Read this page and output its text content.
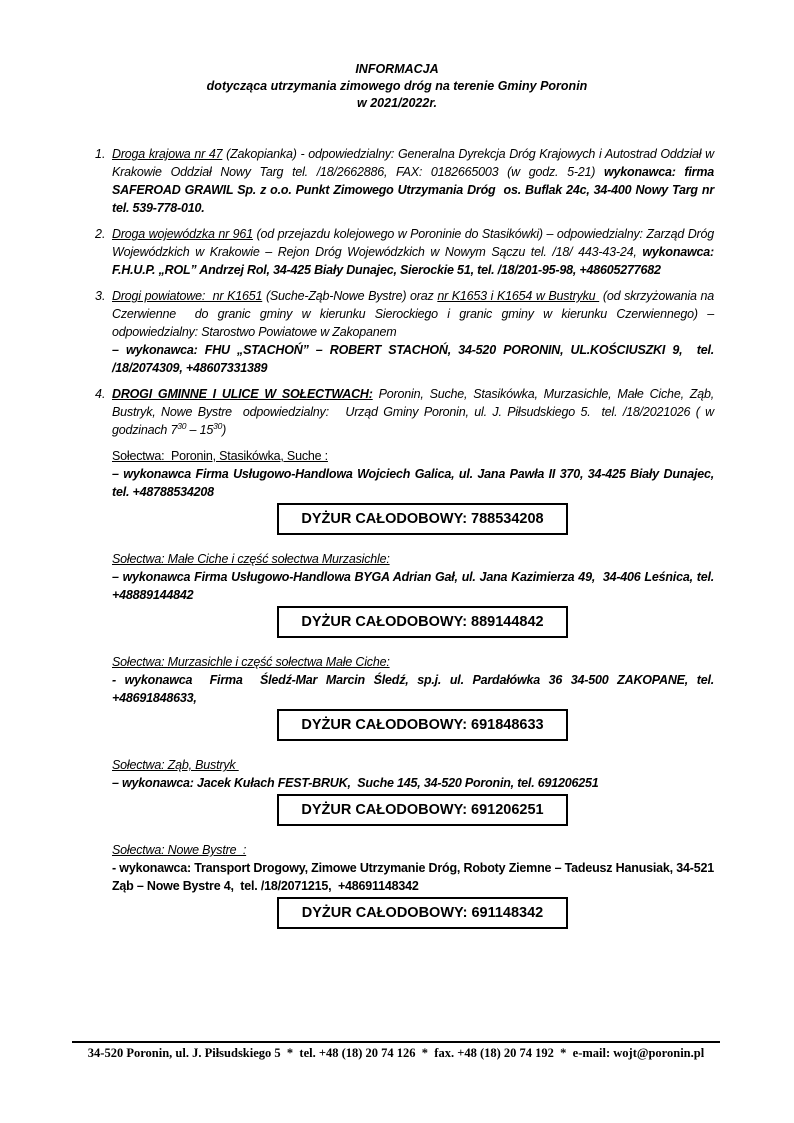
INFORMACJA
dotycząca utrzymania zimowego dróg na terenie Gminy Poronin
w 2021/2022r.
1. Droga krajowa nr 47 (Zakopianka) - odpowiedzialny: Generalna Dyrekcja Dróg Krajowych i Autostrad Oddział w Krakowie Oddział Nowy Targ tel. /18/2662886, FAX: 0182665003 (w godz. 5-21) wykonawca: firma SAFEROAD GRAWIL Sp. z o.o. Punkt Zimowego Utrzymania Dróg  os. Buflak 24c, 34-400 Nowy Targ nr tel. 539-778-010.

2. Droga wojewódzka nr 961 (od przejazdu kolejowego w Poroninie do Stasikówki) – odpowiedzialny: Zarząd Dróg Wojewódzkich w Krakowie – Rejon Dróg Wojewódzkich w Nowym Sączu tel. /18/ 443-43-24, wykonawca: F.H.U.P. „ROL” Andrzej Rol, 34-425 Biały Dunajec, Sierockie 51, tel. /18/201-95-98, +48605277682

3. Drogi powiatowe:  nr K1651 (Suche-Ząb-Nowe Bystre) oraz nr K1653 i K1654 w Bustryku  (od skrzyżowania na Czerwienne  do granic gminy w kierunku Sierockiego i granic gminy w kierunku Czerwiennego) – odpowiedzialny: Starostwo Powiatowe w Zakopanem

– wykonawca: FHU „STACHOŃ” – ROBERT STACHOŃ, 34-520 PORONIN, UL.KOŚCIUSZKI 9,  tel. /18/2074309, +48607331389

4. DROGI GMINNE I ULICE W SOŁECTWACH: Poronin, Suche, Stasikówka, Murzasichle, Małe Ciche, Ząb, Bustryk, Nowe Bystre  odpowiedzialny:   Urząd Gminy Poronin, ul. J. Piłsudskiego 5.  tel. /18/2021026 ( w godzinach $7^{30} - 15^{30}$)

Sołectwa:  Poronin, Stasikówka, Suche :

– wykonawca Firma Usługowo-Handlowa Wojciech Galica, ul. Jana Pawła II 370, 34-425 Biały Dunajec, tel. +48788534208

DYŻUR CAŁODOBOWY: 788534208

Sołectwa: Małe Ciche i część sołectwa Murzasichle:

– wykonawca Firma Usługowo-Handlowa BYGA Adrian Gał, ul. Jana Kazimierza 49,  34-406 Leśnica, tel. +48889144842

DYŻUR CAŁODOBOWY: 889144842

Sołectwa: Murzasichle i część sołectwa Małe Ciche:

- wykonawca  Firma  Śledź-Mar Marcin Śledź, sp.j. ul. Pardałówka 36 34-500 ZAKOPANE, tel. +48691848633,

DYŻUR CAŁODOBOWY: 691848633

Sołectwa: Ząb, Bustryk

– wykonawca: Jacek Kułach FEST-BRUK,  Suche 145, 34-520 Poronin, tel. 691206251

DYŻUR CAŁODOBOWY: 691206251

Sołectwa: Nowe Bystre  :

- wykonawca: Transport Drogowy, Zimowe Utrzymanie Dróg, Roboty Ziemne – Tadeusz Hanusiak, 34-521 Ząb – Nowe Bystre 4,  tel. /18/2071215,  +48691148342

DYŻUR CAŁODOBOWY: 691148342
34-520 Poronin, ul. J. Piłsudskiego 5  *  tel. +48 (18) 20 74 126  *  fax. +48 (18) 20 74 192  *  e-mail: wojt@poronin.pl
